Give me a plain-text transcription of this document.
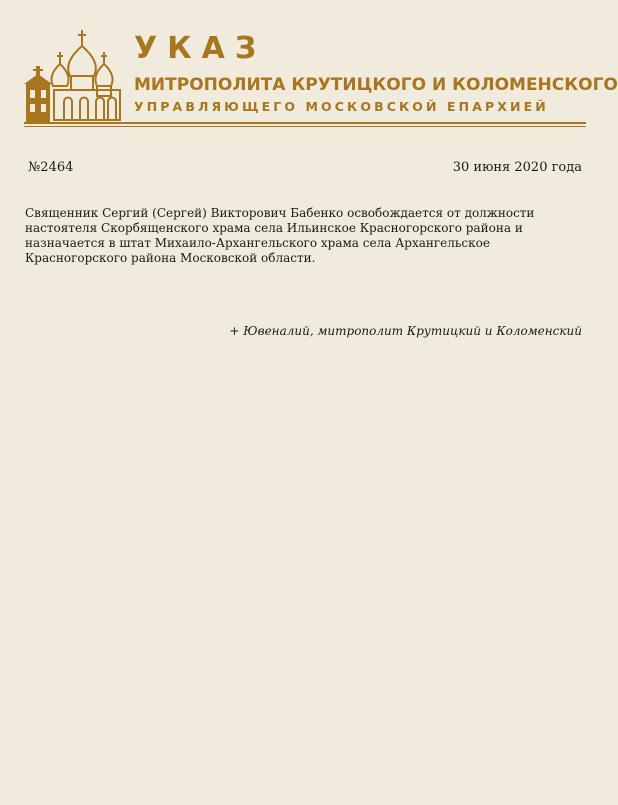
УКАЗ
МИТРОПОЛИТА КРУТИЦКОГО И КОЛОМЕНСКОГО
УПРАВЛЯЮЩЕГО МОСКОВСКОЙ ЕПАРХИЕЙ
№2464	30 июня 2020 года
Священник Сергий (Сергей) Викторович Бабенко освобождается от должности настоятеля Скорбященского храма села Ильинское Красногорского района и назначается в штат Михаило-Архангельского храма села Архангельское Красногорского района Московской области.
+ Ювеналий, митрополит Крутицкий и Коломенский
